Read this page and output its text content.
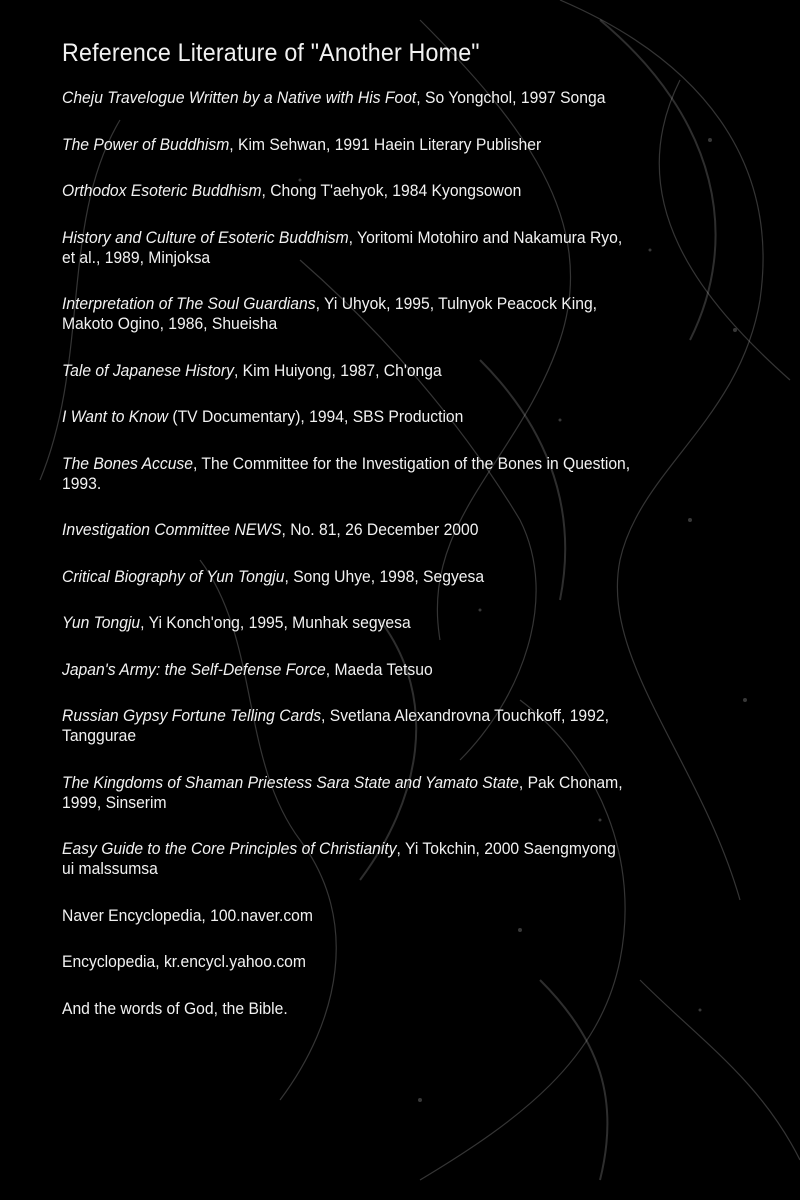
Reference Literature of "Another Home"
Cheju Travelogue Written by a Native with His Foot, So Yongchol, 1997 Songa
The Power of Buddhism, Kim Sehwan, 1991 Haein Literary Publisher
Orthodox Esoteric Buddhism, Chong T'aehyok, 1984 Kyongsowon
History and Culture of Esoteric Buddhism, Yoritomi Motohiro and Nakamura Ryo, et al., 1989, Minjoksa
Interpretation of The Soul Guardians, Yi Uhyok, 1995, Tulnyok Peacock King, Makoto Ogino, 1986, Shueisha
Tale of Japanese History, Kim Huiyong, 1987, Ch'onga
I Want to Know (TV Documentary), 1994, SBS Production
The Bones Accuse, The Committee for the Investigation of the Bones in Question, 1993.
Investigation Committee NEWS, No. 81, 26 December 2000
Critical Biography of Yun Tongju, Song Uhye, 1998, Segyesa
Yun Tongju, Yi Konch'ong, 1995, Munhak segyesa
Japan's Army: the Self-Defense Force, Maeda Tetsuo
Russian Gypsy Fortune Telling Cards, Svetlana Alexandrovna Touchkoff, 1992, Tanggurae
The Kingdoms of Shaman Priestess Sara State and Yamato State, Pak Chonam, 1999, Sinserim
Easy Guide to the Core Principles of Christianity, Yi Tokchin, 2000 Saengmyong ui malssumsa
Naver Encyclopedia, 100.naver.com
Encyclopedia, kr.encycl.yahoo.com
And the words of God, the Bible.
